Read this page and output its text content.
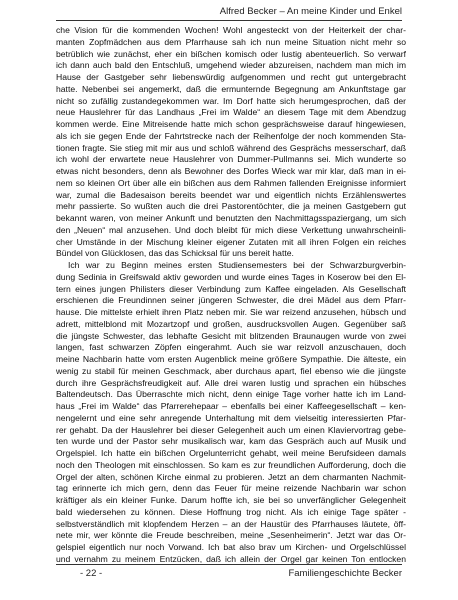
Alfred Becker – An meine Kinder und Enkel
che Vision für die kommenden Wochen! Wohl angesteckt von der Heiterkeit der char-
manten Zopfmädchen aus dem Pfarrhause sah ich nun meine Situation nicht mehr so
betrüblich wie zunächst, eher ein bißchen komisch oder lustig abenteuerlich. So verwarf
ich dann auch bald den Entschluß, umgehend wieder abzureisen, nachdem man mich im
Hause der Gastgeber sehr liebenswürdig aufgenommen und recht gut untergebracht
hatte. Nebenbei sei angemerkt, daß die ermunternde Begegnung am Ankunftstage gar
nicht so zufällig zustandegekommen war. Im Dorf hatte sich herumgesprochen, daß der
neue Hauslehrer für das Landhaus „Frei im Walde“ an diesem Tage mit dem Abendzug
kommen werde. Eine Mitreisende hatte mich schon gesprächsweise darauf hingewiesen,
als ich sie gegen Ende der Fahrtstrecke nach der Reihenfolge der noch kommenden Sta-
tionen fragte. Sie stieg mit mir aus und schloß während des Gesprächs messerscharf, daß
ich wohl der erwartete neue Hauslehrer von Dummer-Pullmanns sei. Mich wunderte so
etwas nicht besonders, denn als Bewohner des Dorfes Wieck war mir klar, daß man in ei-
nem so kleinen Ort über alle ein bißchen aus dem Rahmen fallenden Ereignisse informiert
war, zumal die Badesaison bereits beendet war und eigentlich nichts Erzählenswertes
mehr passierte. So wußten auch die drei Pastorentöchter, die ja meinen Gastgebern gut
bekannt waren, von meiner Ankunft und benutzten den Nachmittagsspaziergang, um sich
den „Neuen“ mal anzusehen. Und doch bleibt für mich diese Verkettung unwahrscheinli-
cher Umstände in der Mischung kleiner eigener Zutaten mit all ihren Folgen ein reiches
Bündel von Glücklosen, das das Schicksal für uns bereit hatte.
Ich war zu Beginn meines ersten Studiensemesters bei der Schwarzburgverbin-
dung Sedinia in Greifswald aktiv geworden und wurde eines Tages in Koserow bei den El-
tern eines jungen Philisters dieser Verbindung zum Kaffee eingeladen. Als Gesellschaft
erschienen die Freundinnen seiner jüngeren Schwester, die drei Mädel aus dem Pfarr-
hause. Die mittelste erhielt ihren Platz neben mir. Sie war reizend anzusehen, hübsch und
adrett, mittelblond mit Mozartzopf und großen, ausdrucksvollen Augen. Gegenüber saß
die jüngste Schwester, das lebhafte Gesicht mit blitzenden Braunaugen wurde von zwei
langen, fast schwarzen Zöpfen eingerahmt. Auch sie war reizvoll anzuschauen, doch
meine Nachbarin hatte vom ersten Augenblick meine größere Sympathie. Die älteste, ein
wenig zu stabil für meinen Geschmack, aber durchaus apart, fiel ebenso wie die jüngste
durch ihre Gesprächsfreudigkeit auf. Alle drei waren lustig und sprachen ein hübsches
Baltendeutsch. Das Überraschte mich nicht, denn einige Tage vorher hatte ich im Land-
haus „Frei im Walde“ das Pfarrerehepaar – ebenfalls bei einer Kaffeegesellschaft – ken-
nengelernt und eine sehr anregende Unterhaltung mit dem vielseitig interessierten Pfar-
rer gehabt. Da der Hauslehrer bei dieser Gelegenheit auch um einen Klaviervortrag gebe-
ten wurde und der Pastor sehr musikalisch war, kam das Gespräch auch auf Musik und
Orgelspiel. Ich hatte ein bißchen Orgelunterricht gehabt, weil meine Berufsideen damals
noch den Theologen mit einschlossen. So kam es zur freundlichen Aufforderung, doch die
Orgel der alten, schönen Kirche einmal zu probieren. Jetzt an dem charmanten Nachmit-
tag erinnerte ich mich gern, denn das Feuer für meine reizende Nachbarin war schon
kräftiger als ein kleiner Funke. Darum hoffte ich, sie bei so unverfänglicher Gelegenheit
bald wiedersehen zu können. Diese Hoffnung trog nicht. Als ich einige Tage später -
selbstverständlich mit klopfendem Herzen – an der Haustür des Pfarrhauses läutete, öff-
nete mir, wer könnte die Freude beschreiben, meine „Sesenheimerin“. Jetzt war das Or-
gelspiel eigentlich nur noch Vorwand. Ich bat also brav um Kirchen- und Orgelschlüssel
und vernahm zu meinem Entzücken, daß ich allein der Orgel gar keinen Ton entlocken
- 22 -	Familiengeschichte Becker
